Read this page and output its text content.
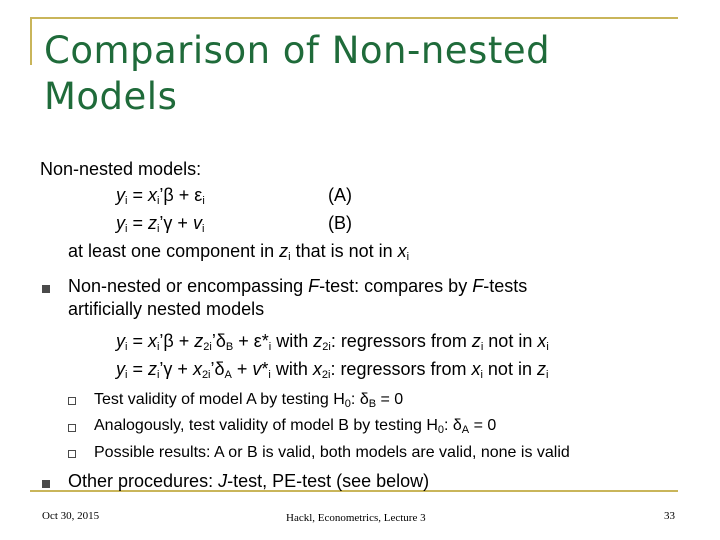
Comparison of Non-nested Models
Non-nested models:
$y_i$ = $x_i’\beta + \varepsilon_i$	(A)
$y_i$ = $z_i’\gamma + v_i$	(B)
at least one component in $z_i$ that is not in $x_i$
Non-nested or encompassing F-test: compares by F-tests
artificially nested models
$y_i$ = $x_i’\beta$ + $z_{2i}’\delta_B + \varepsilon*_i$ with $z_{2i}$: regressors from $z_i$ not in $x_i$
$y_i$ = $z_i’\gamma$ + $x_{2i}’\delta_A + v*_i$ with $x_{2i}$: regressors from $x_i$ not in $z_i$
Test validity of model A by testing $H_0$: $\delta_B = 0$
Analogously, test validity of model B by testing $H_0$: $\delta_A = 0$
Possible results: A or B is valid, both models are valid, none is valid
Other procedures: J-test, PE-test (see below)
Oct 30, 2015	Hackl, Econometrics, Lecture 3	33
